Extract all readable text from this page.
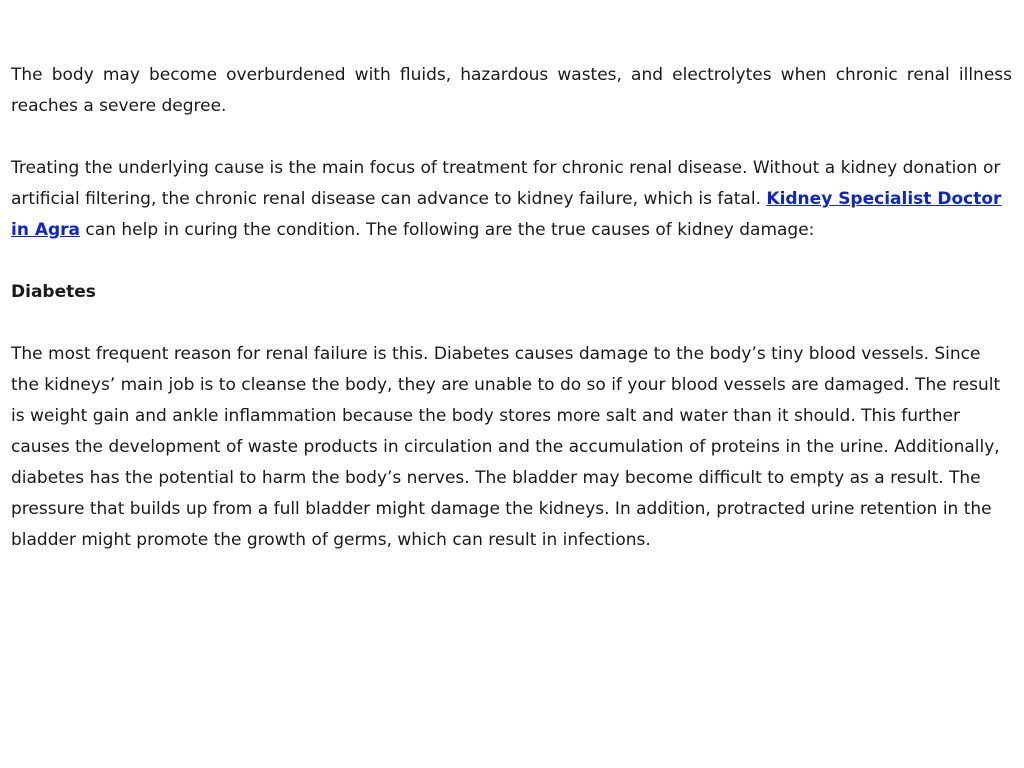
The body may become overburdened with fluids, hazardous wastes, and electrolytes when chronic renal illness reaches a severe degree.

Treating the underlying cause is the main focus of treatment for chronic renal disease. Without a kidney donation or artificial filtering, the chronic renal disease can advance to kidney failure, which is fatal. Kidney Specialist Doctor in Agra can help in curing the condition. The following are the true causes of kidney damage:

Diabetes

The most frequent reason for renal failure is this. Diabetes causes damage to the body’s tiny blood vessels. Since the kidneys’ main job is to cleanse the body, they are unable to do so if your blood vessels are damaged. The result is weight gain and ankle inflammation because the body stores more salt and water than it should. This further causes the development of waste products in circulation and the accumulation of proteins in the urine. Additionally, diabetes has the potential to harm the body’s nerves. The bladder may become difficult to empty as a result. The pressure that builds up from a full bladder might damage the kidneys. In addition, protracted urine retention in the bladder might promote the growth of germs, which can result in infections.
